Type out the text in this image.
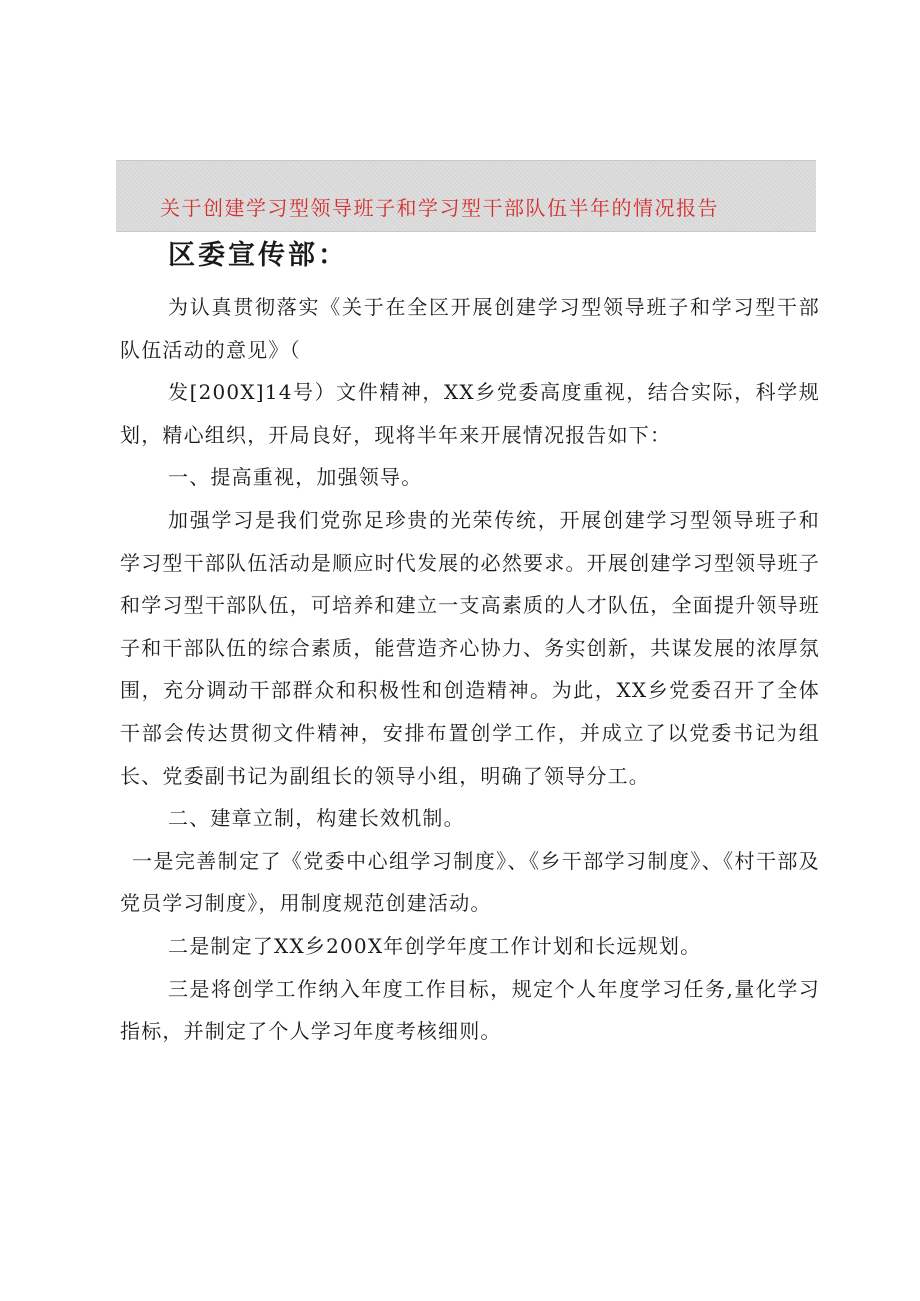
关于创建学习型领导班子和学习型干部队伍半年的情况报告
区委宣传部：

为认真贯彻落实《关于在全区开展创建学习型领导班子和学习型干部队伍活动的意见》（

发[200X]14号）文件精神，XX乡党委高度重视，结合实际，科学规划，精心组织，开局良好，现将半年来开展情况报告如下：

一、提高重视，加强领导。

加强学习是我们党弥足珍贵的光荣传统，开展创建学习型领导班子和学习型干部队伍活动是顺应时代发展的必然要求。开展创建学习型领导班子和学习型干部队伍，可培养和建立一支高素质的人才队伍，全面提升领导班子和干部队伍的综合素质，能营造齐心协力、务实创新，共谋发展的浓厚氛围，充分调动干部群众和积极性和创造精神。为此，XX乡党委召开了全体干部会传达贯彻文件精神，安排布置创学工作，并成立了以党委书记为组长、党委副书记为副组长的领导小组，明确了领导分工。

二、建章立制，构建长效机制。

一是完善制定了《党委中心组学习制度》、《乡干部学习制度》、《村干部及党员学习制度》，用制度规范创建活动。

二是制定了XX乡200X年创学年度工作计划和长远规划。

三是将创学工作纳入年度工作目标，规定个人年度学习任务,量化学习指标，并制定了个人学习年度考核细则。
